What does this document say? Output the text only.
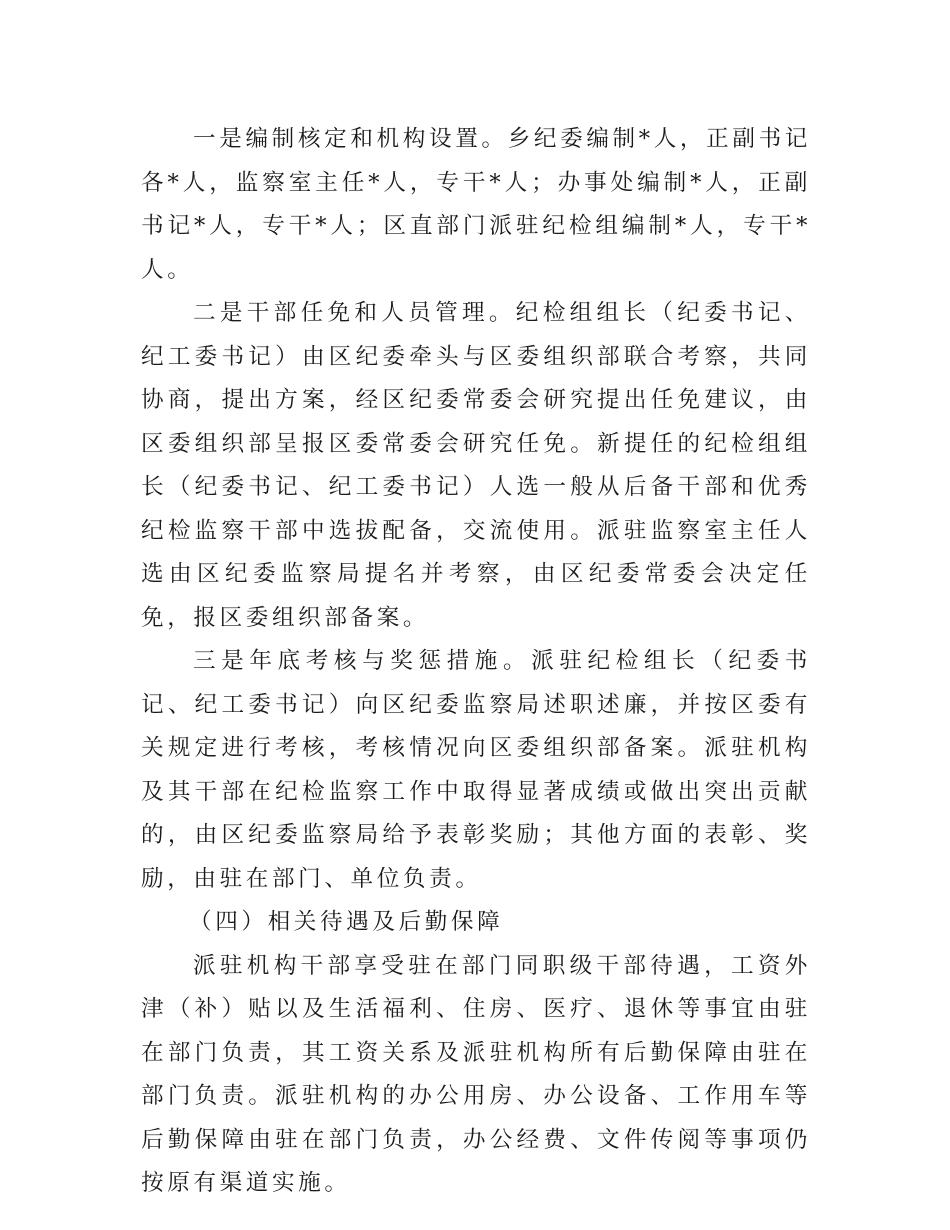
一是编制核定和机构设置。乡纪委编制*人，正副书记各*人，监察室主任*人，专干*人；办事处编制*人，正副书记*人，专干*人；区直部门派驻纪检组编制*人，专干*人。

二是干部任免和人员管理。纪检组组长（纪委书记、纪工委书记）由区纪委牵头与区委组织部联合考察，共同协商，提出方案，经区纪委常委会研究提出任免建议，由区委组织部呈报区委常委会研究任免。新提任的纪检组组长（纪委书记、纪工委书记）人选一般从后备干部和优秀纪检监察干部中选拔配备，交流使用。派驻监察室主任人选由区纪委监察局提名并考察，由区纪委常委会决定任免，报区委组织部备案。

三是年底考核与奖惩措施。派驻纪检组长（纪委书记、纪工委书记）向区纪委监察局述职述廉，并按区委有关规定进行考核，考核情况向区委组织部备案。派驻机构及其干部在纪检监察工作中取得显著成绩或做出突出贡献的，由区纪委监察局给予表彰奖励；其他方面的表彰、奖励，由驻在部门、单位负责。

（四）相关待遇及后勤保障

派驻机构干部享受驻在部门同职级干部待遇，工资外津（补）贴以及生活福利、住房、医疗、退休等事宜由驻在部门负责，其工资关系及派驻机构所有后勤保障由驻在部门负责。派驻机构的办公用房、办公设备、工作用车等后勤保障由驻在部门负责，办公经费、文件传阅等事项仍按原有渠道实施。
